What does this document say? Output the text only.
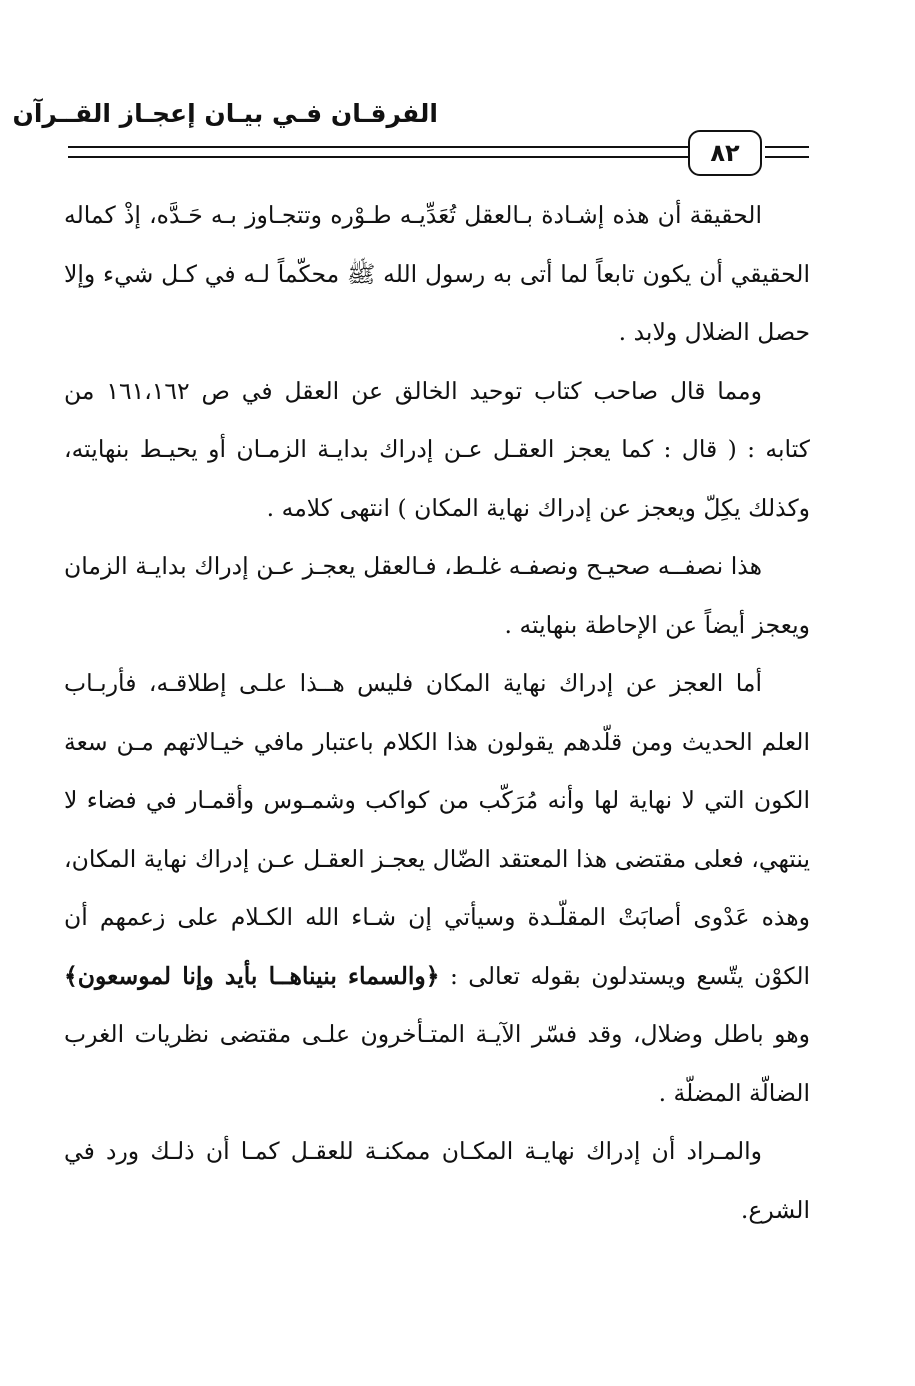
الفرقـان فـي بيـان إعجـاز القــرآن
٨٢

الحقيقة أن هذه إشـادة بـالعقل تُعَدِّيـه طـوْره وتتجـاوز بـه حَـدَّه، إذْ كماله الحقيقي أن يكون تابعاً لما أتى به رسول الله ﷺ محكّماً لـه في كـل شيء وإلا حصل الضلال ولابد .

ومما قال صاحب كتاب توحيد الخالق عن العقل في ص ١٦١،١٦٢ من كتابه : ( قال : كما يعجز العقـل عـن إدراك بدايـة الزمـان أو يحيـط بنهايته، وكذلك يكِلّ ويعجز عن إدراك نهاية المكان ) انتهى كلامه .

هذا نصفــه صحيـح ونصفـه غلـط، فـالعقل يعجـز عـن إدراك بدايـة الزمان ويعجز أيضاً عن الإحاطة بنهايته .

أما العجز عن إدراك نهاية المكان فليس هــذا علـى إطلاقـه، فأربـاب العلم الحديث ومن قلّدهم يقولون هذا الكلام باعتبار مافي خيـالاتهم مـن سعة الكون التي لا نهاية لها وأنه مُرَكّب من كواكب وشمـوس وأقمـار في فضاء لا ينتهي، فعلى مقتضى هذا المعتقد الضّال يعجـز العقـل عـن إدراك نهاية المكان، وهذه عَدْوى أصابَتْ المقلّـدة وسيأتي إن شـاء الله الكـلام على زعمهم أن الكوْن يتّسع ويستدلون بقوله تعالى : ﴿والسماء بنيناهــا بأيد وإنا لموسعون﴾ وهو باطل وضلال، وقد فسّر الآيـة المتـأخرون علـى مقتضى نظريات الغرب الضالّة المضلّة .

والمـراد أن إدراك نهايـة المكـان ممكنـة للعقـل كمـا أن ذلـك ورد في الشرع.
